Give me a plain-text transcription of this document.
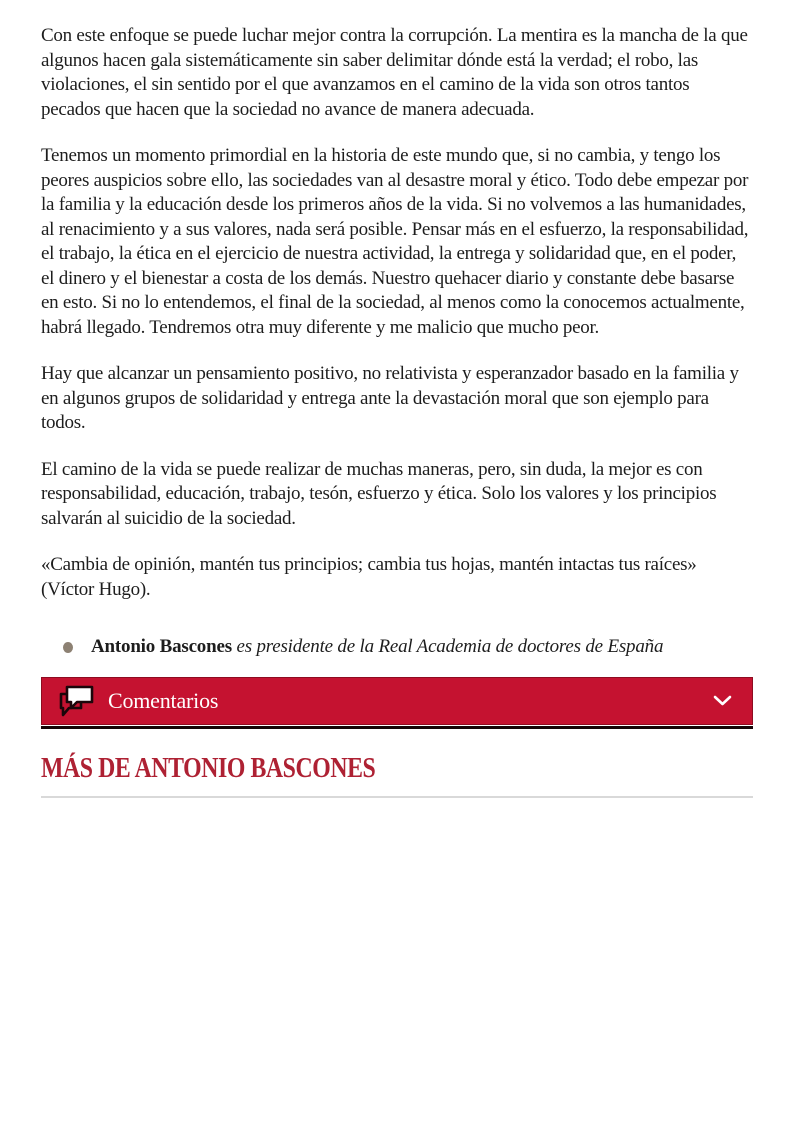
Con este enfoque se puede luchar mejor contra la corrupción. La mentira es la mancha de la que algunos hacen gala sistemáticamente sin saber delimitar dónde está la verdad; el robo, las violaciones, el sin sentido por el que avanzamos en el camino de la vida son otros tantos pecados que hacen que la sociedad no avance de manera adecuada.

Tenemos un momento primordial en la historia de este mundo que, si no cambia, y tengo los peores auspicios sobre ello, las sociedades van al desastre moral y ético. Todo debe empezar por la familia y la educación desde los primeros años de la vida. Si no volvemos a las humanidades, al renacimiento y a sus valores, nada será posible. Pensar más en el esfuerzo, la responsabilidad, el trabajo, la ética en el ejercicio de nuestra actividad, la entrega y solidaridad que, en el poder, el dinero y el bienestar a costa de los demás. Nuestro quehacer diario y constante debe basarse en esto. Si no lo entendemos, el final de la sociedad, al menos como la conocemos actualmente, habrá llegado. Tendremos otra muy diferente y me malicio que mucho peor.

Hay que alcanzar un pensamiento positivo, no relativista y esperanzador basado en la familia y en algunos grupos de solidaridad y entrega ante la devastación moral que son ejemplo para todos.

El camino de la vida se puede realizar de muchas maneras, pero, sin duda, la mejor es con responsabilidad, educación, trabajo, tesón, esfuerzo y ética. Solo los valores y los principios salvarán al suicidio de la sociedad.

«Cambia de opinión, mantén tus principios; cambia tus hojas, mantén intactas tus raíces» (Víctor Hugo).

Antonio Bascones es presidente de la Real Academia de doctores de España
Comentarios
MÁS DE ANTONIO BASCONES
